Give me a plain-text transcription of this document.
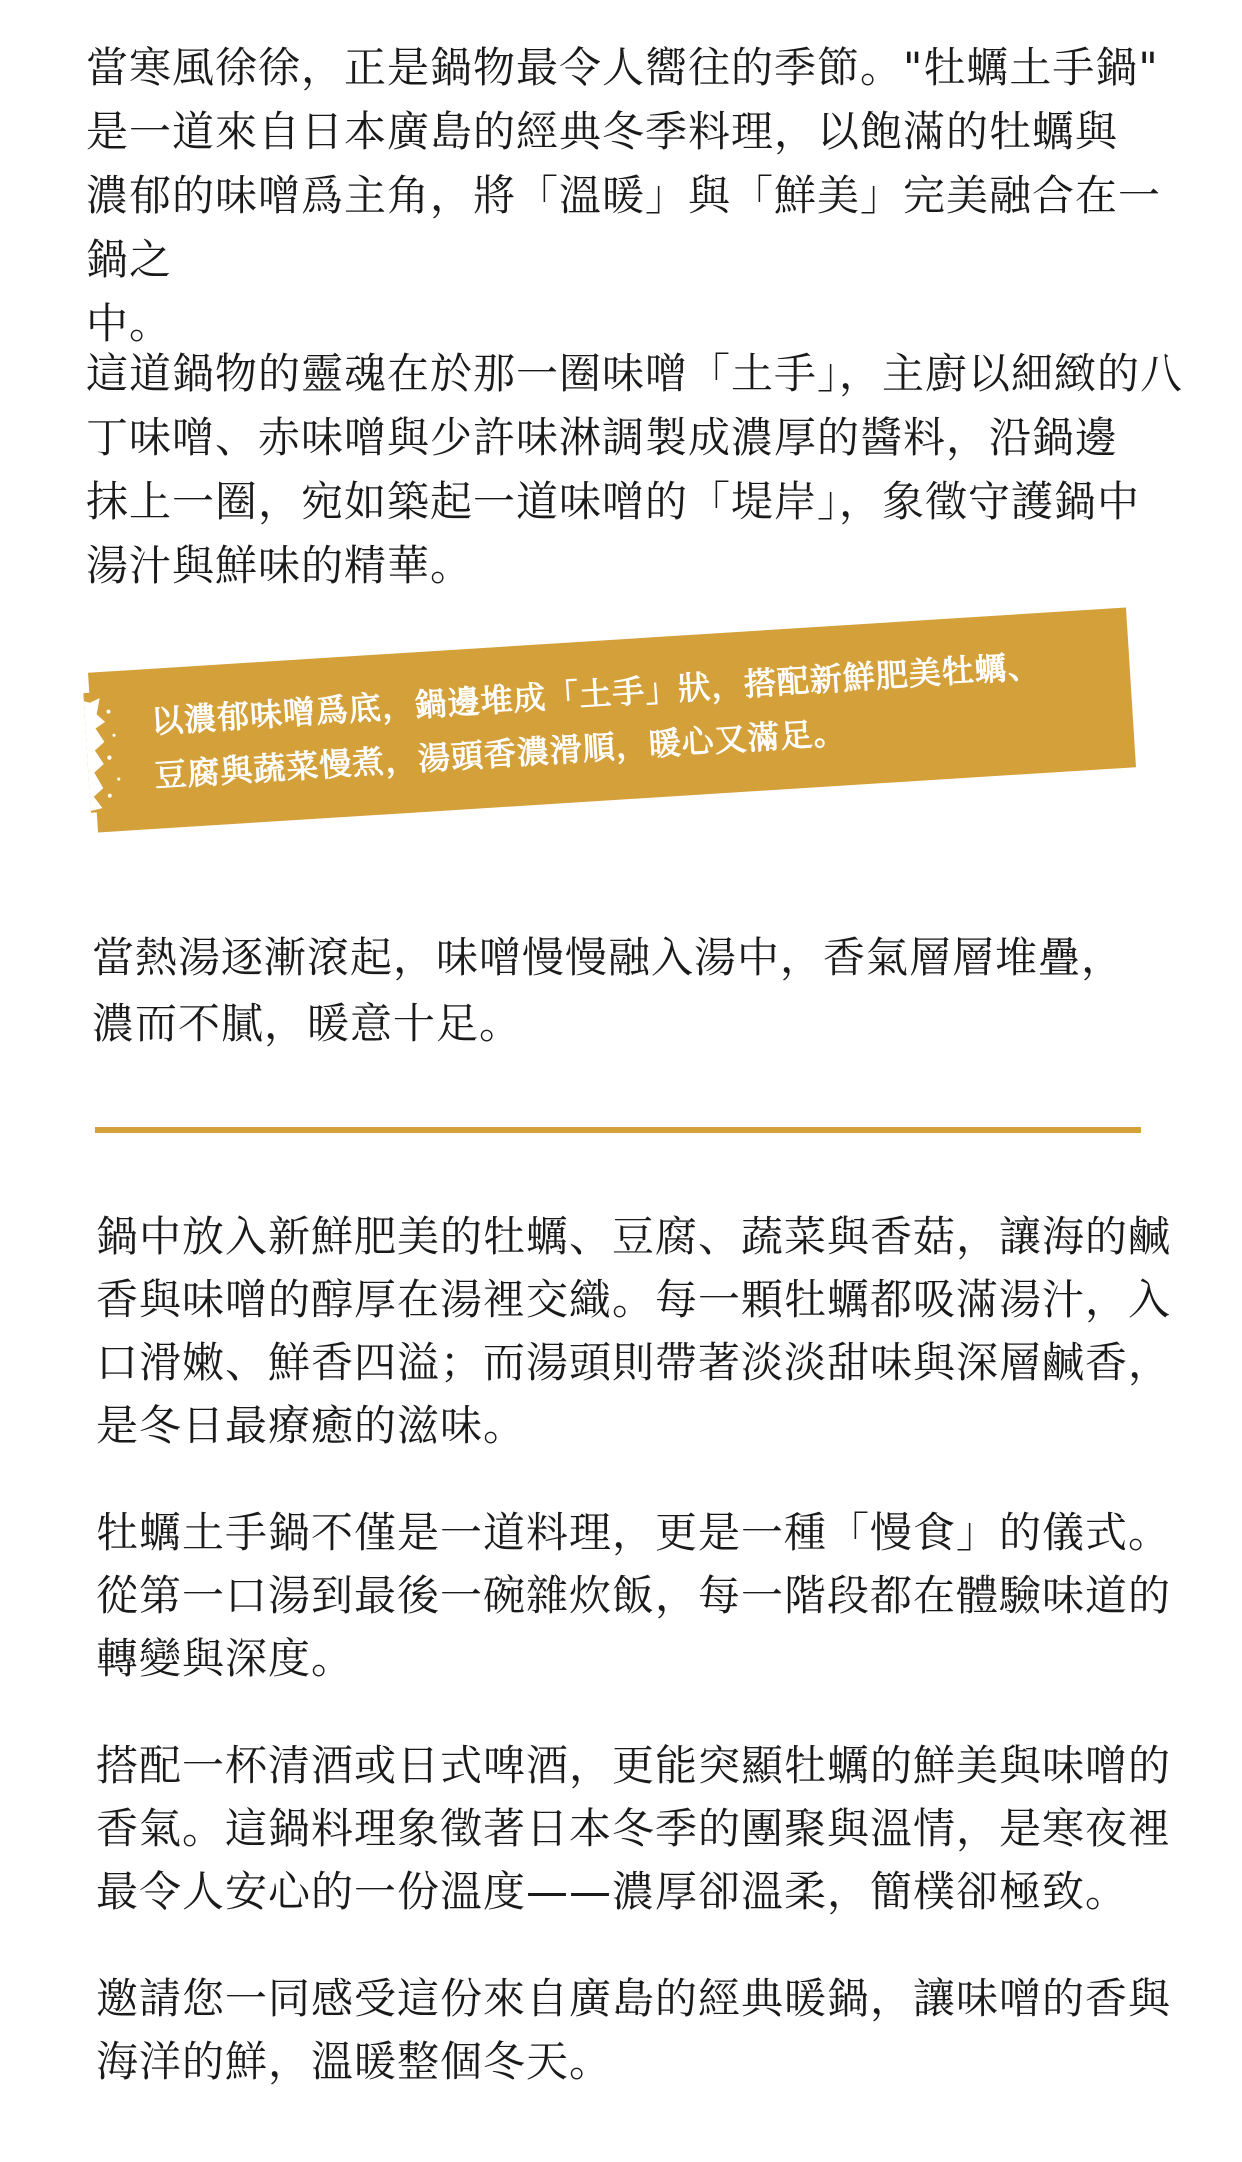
當寒風徐徐，正是鍋物最令人嚮往的季節。"牡蠣土手鍋"
是一道來自日本廣島的經典冬季料理，以飽滿的牡蠣與
濃郁的味噌爲主角，將「溫暖」與「鮮美」完美融合在一鍋之
中。

這道鍋物的靈魂在於那一圈味噌「土手」，主廚以細緻的八
丁味噌、赤味噌與少許味淋調製成濃厚的醬料，沿鍋邊
抹上一圈，宛如築起一道味噌的「堤岸」，象徵守護鍋中
湯汁與鮮味的精華。

以濃郁味噌爲底，鍋邊堆成「土手」狀，搭配新鮮肥美牡蠣、
豆腐與蔬菜慢煮，湯頭香濃滑順，暖心又滿足。

當熱湯逐漸滾起，味噌慢慢融入湯中，香氣層層堆疊，
濃而不膩，暖意十足。

鍋中放入新鮮肥美的牡蠣、豆腐、蔬菜與香菇，讓海的鹹
香與味噌的醇厚在湯裡交織。每一顆牡蠣都吸滿湯汁，入
口滑嫩、鮮香四溢；而湯頭則帶著淡淡甜味與深層鹹香，
是冬日最療癒的滋味。

牡蠣土手鍋不僅是一道料理，更是一種「慢食」的儀式。
從第一口湯到最後一碗雜炊飯，每一階段都在體驗味道的
轉變與深度。

搭配一杯清酒或日式啤酒，更能突顯牡蠣的鮮美與味噌的
香氣。這鍋料理象徵著日本冬季的團聚與溫情，是寒夜裡
最令人安心的一份溫度——濃厚卻溫柔，簡樸卻極致。

邀請您一同感受這份來自廣島的經典暖鍋，讓味噌的香與
海洋的鮮，溫暖整個冬天。
